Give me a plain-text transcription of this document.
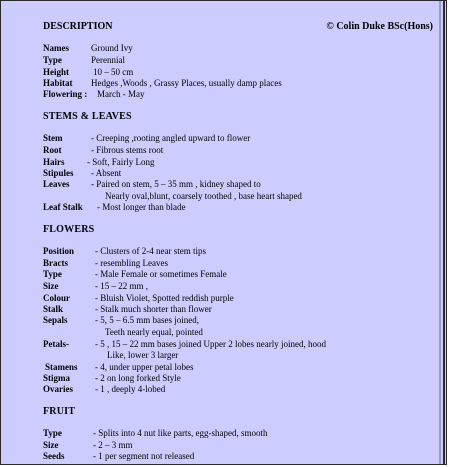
DESCRIPTION	© Colin Duke BSc(Hons)
Names Ground Ivy
Type	Perennial
Height	10 – 50 cm
Habitat Hedges ,Woods , Grassy Places, usually damp places
Flowering : March - May
STEMS & LEAVES
Stem	- Creeping ,rooting angled upward to flower
Root	- Fibrous stems root
Hairs	- Soft, Fairly Long
Stipules - Absent
Leaves - Paired on stem, 5 – 35 mm , kidney shaped to
Nearly oval,blunt, coarsely toothed , base heart shaped
Leaf Stalk - Most longer than blade
FLOWERS
Position - Clusters of 2-4 near stem tips
Bracts	- resembling Leaves
Type	- Male Female or sometimes Female
Size	- 15 – 22 mm ,
Colour	- Bluish Violet, Spotted reddish purple
Stalk	- Stalk much shorter than flower
Sepals	- 5, 5 – 6.5 mm bases joined,
Teeth nearly equal, pointed
Petals-	- 5 , 15 – 22 mm bases joined Upper 2 lobes nearly joined, hood
Like, lower 3 larger
Stamens - 4, under upper petal lobes
Stigma	- 2 on long forked Style
Ovaries - 1 , deeply 4-lobed
FRUIT
Type	- Splits into 4 nut like parts, egg-shaped, smooth
Size	- 2 – 3 mm
Seeds	- 1 per segment not released
